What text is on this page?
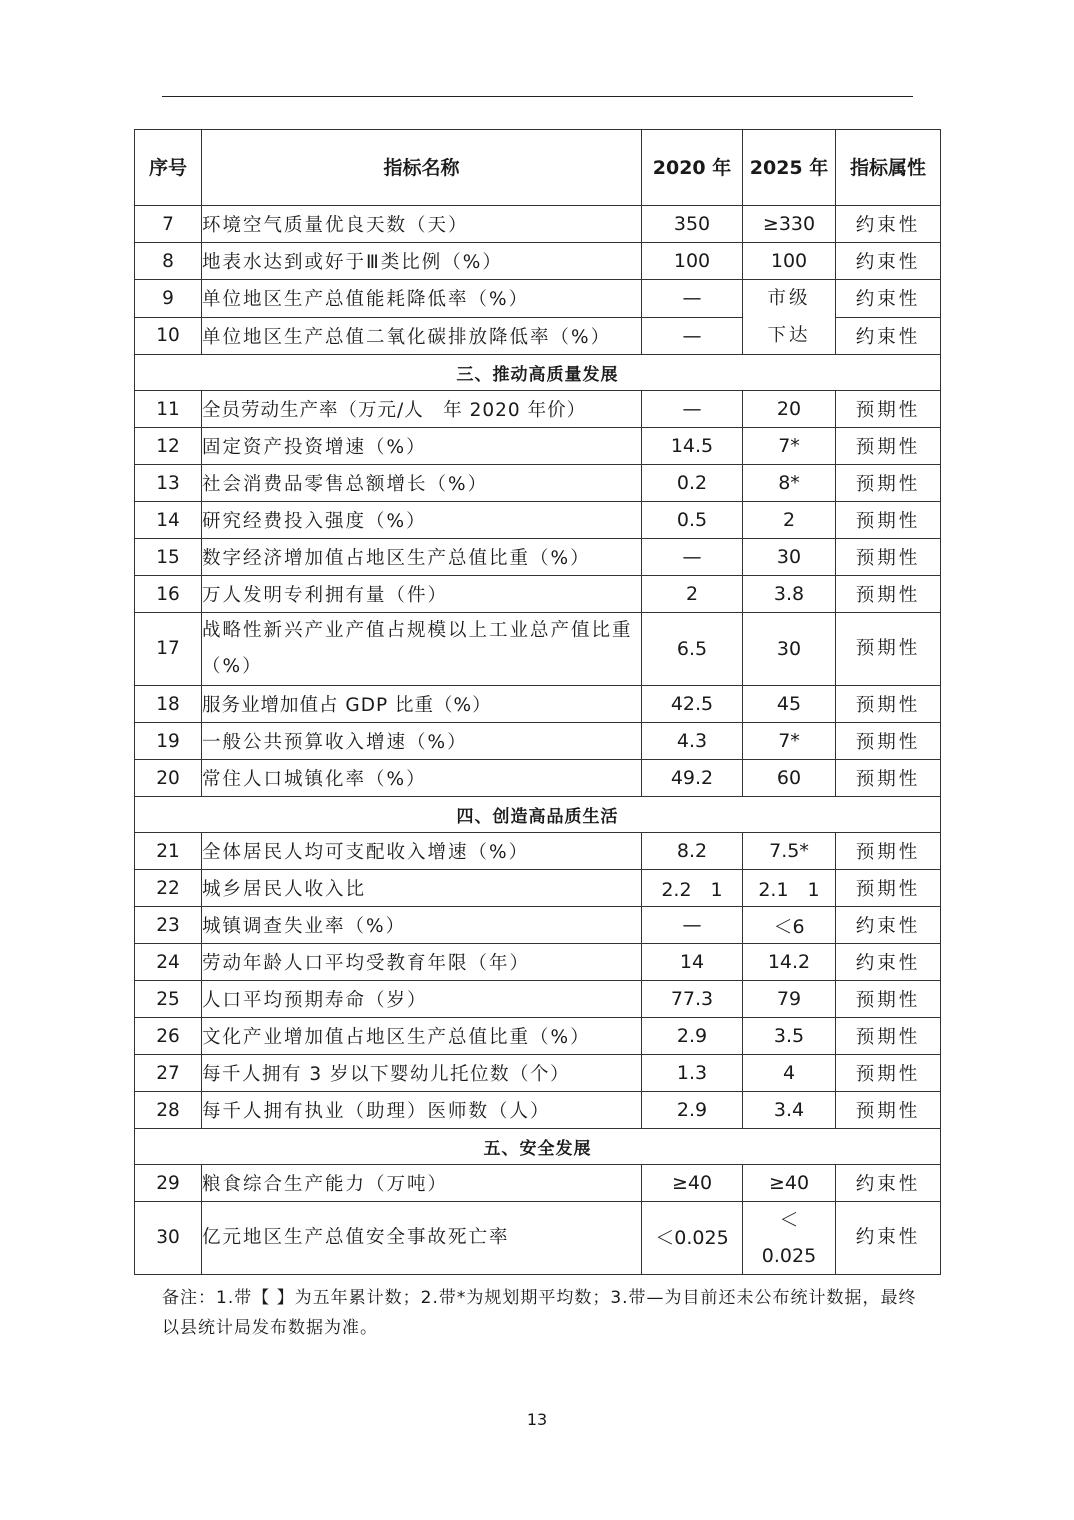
序号	指标名称	2020 年	2025 年	指标属性
7	环境空气质量优良天数（天）	350	≥330	约束性
8	地表水达到或好于Ⅲ类比例（%）	100	100	约束性
9	单位地区生产总值能耗降低率（%）	—	市级下达	约束性
10	单位地区生产总值二氧化碳排放降低率（%）	—		约束性
三、推动高质量发展				
11	全员劳动生产率（万元/人　年 2020 年价）	—	20	预期性
12	固定资产投资增速（%）	14.5	7*	预期性
13	社会消费品零售总额增长（%）	0.2	8*	预期性
14	研究经费投入强度（%）	0.5	2	预期性
15	数字经济增加值占地区生产总值比重（%）	—	30	预期性
16	万人发明专利拥有量（件）	2	3.8	预期性
17	战略性新兴产业产值占规模以上工业总产值比重（%）	6.5	30	预期性
18	服务业增加值占 GDP 比重（%）	42.5	45	预期性
19	一般公共预算收入增速（%）	4.3	7*	预期性
20	常住人口城镇化率（%）	49.2	60	预期性
四、创造高品质生活				
21	全体居民人均可支配收入增速（%）	8.2	7.5*	预期性
22	城乡居民人收入比	2.2　1	2.1　1	预期性
23	城镇调查失业率（%）	—	＜6	约束性
24	劳动年龄人口平均受教育年限（年）	14	14.2	约束性
25	人口平均预期寿命（岁）	77.3	79	预期性
26	文化产业增加值占地区生产总值比重（%）	2.9	3.5	预期性
27	每千人拥有 3 岁以下婴幼儿托位数（个）	1.3	4	预期性
28	每千人拥有执业（助理）医师数（人）	2.9	3.4	预期性
五、安全发展				
29	粮食综合生产能力（万吨）	≥40	≥40	约束性
30	亿元地区生产总值安全事故死亡率	＜0.025	＜ 0.025	约束性
备注：1.带【 】为五年累计数；2.带*为规划期平均数；3.带—为目前还未公布统计数据，最终以县统计局发布数据为准。
13
